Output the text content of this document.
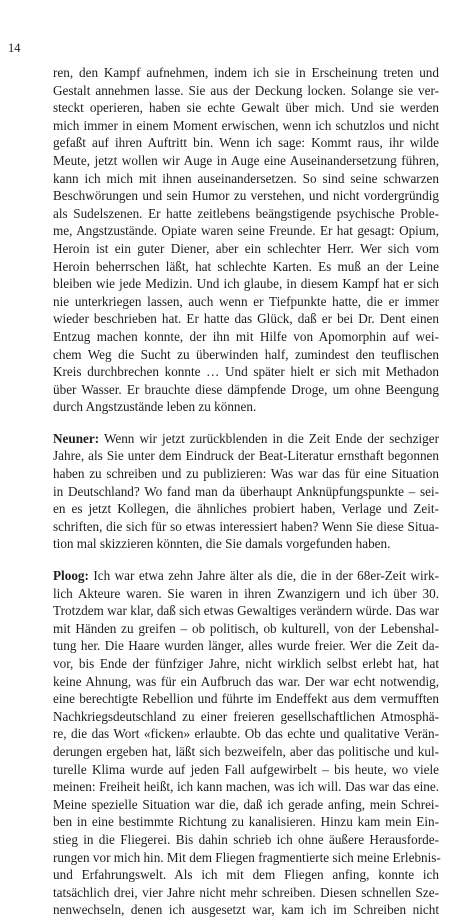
14
ren, den Kampf aufnehmen, indem ich sie in Erscheinung treten und
Gestalt annehmen lasse. Sie aus der Deckung locken. Solange sie ver-
steckt operieren, haben sie echte Gewalt über mich. Und sie werden
mich immer in einem Moment erwischen, wenn ich schutzlos und nicht
gefaßt auf ihren Auftritt bin. Wenn ich sage: Kommt raus, ihr wilde
Meute, jetzt wollen wir Auge in Auge eine Auseinandersetzung führen,
kann ich mich mit ihnen auseinandersetzen. So sind seine schwarzen
Beschwörungen und sein Humor zu verstehen, und nicht vordergründig
als Sudelszenen. Er hatte zeitlebens beängstigende psychische Proble-
me, Angstzustände. Opiate waren seine Freunde. Er hat gesagt: Opium,
Heroin ist ein guter Diener, aber ein schlechter Herr. Wer sich vom
Heroin beherrschen läßt, hat schlechte Karten. Es muß an der Leine
bleiben wie jede Medizin. Und ich glaube, in diesem Kampf hat er sich
nie unterkriegen lassen, auch wenn er Tiefpunkte hatte, die er immer
wieder beschrieben hat. Er hatte das Glück, daß er bei Dr. Dent einen
Entzug machen konnte, der ihn mit Hilfe von Apomorphin auf wei-
chem Weg die Sucht zu überwinden half, zumindest den teuflischen
Kreis durchbrechen konnte … Und später hielt er sich mit Methadon
über Wasser. Er brauchte diese dämpfende Droge, um ohne Beengung
durch Angstzustände leben zu können.
Neuner: Wenn wir jetzt zurückblenden in die Zeit Ende der sechziger
Jahre, als Sie unter dem Eindruck der Beat-Literatur ernsthaft begonnen
haben zu schreiben und zu publizieren: Was war das für eine Situation
in Deutschland? Wo fand man da überhaupt Anknüpfungspunkte – sei-
en es jetzt Kollegen, die ähnliches probiert haben, Verlage und Zeit-
schriften, die sich für so etwas interessiert haben? Wenn Sie diese Situa-
tion mal skizzieren könnten, die Sie damals vorgefunden haben.
Ploog: Ich war etwa zehn Jahre älter als die, die in der 68er-Zeit wirk-
lich Akteure waren. Sie waren in ihren Zwanzigern und ich über 30.
Trotzdem war klar, daß sich etwas Gewaltiges verändern würde. Das war
mit Händen zu greifen – ob politisch, ob kulturell, von der Lebenshal-
tung her. Die Haare wurden länger, alles wurde freier. Wer die Zeit da-
vor, bis Ende der fünfziger Jahre, nicht wirklich selbst erlebt hat, hat
keine Ahnung, was für ein Aufbruch das war. Der war echt notwendig,
eine berechtigte Rebellion und führte im Endeffekt aus dem vermufften
Nachkriegsdeutschland zu einer freieren gesellschaftlichen Atmosphä-
re, die das Wort «ficken» erlaubte. Ob das echte und qualitative Verän-
derungen ergeben hat, läßt sich bezweifeln, aber das politische und kul-
turelle Klima wurde auf jeden Fall aufgewirbelt – bis heute, wo viele
meinen: Freiheit heißt, ich kann machen, was ich will. Das war das eine.
Meine spezielle Situation war die, daß ich gerade anfing, mein Schrei-
ben in eine bestimmte Richtung zu kanalisieren. Hinzu kam mein Ein-
stieg in die Fliegerei. Bis dahin schrieb ich ohne äußere Herausforde-
rungen vor mich hin. Mit dem Fliegen fragmentierte sich meine Erlebnis-
und Erfahrungswelt. Als ich mit dem Fliegen anfing, konnte ich
tatsächlich drei, vier Jahre nicht mehr schreiben. Diesen schnellen Sze-
nenwechseln, denen ich ausgesetzt war, kam ich im Schreiben nicht
